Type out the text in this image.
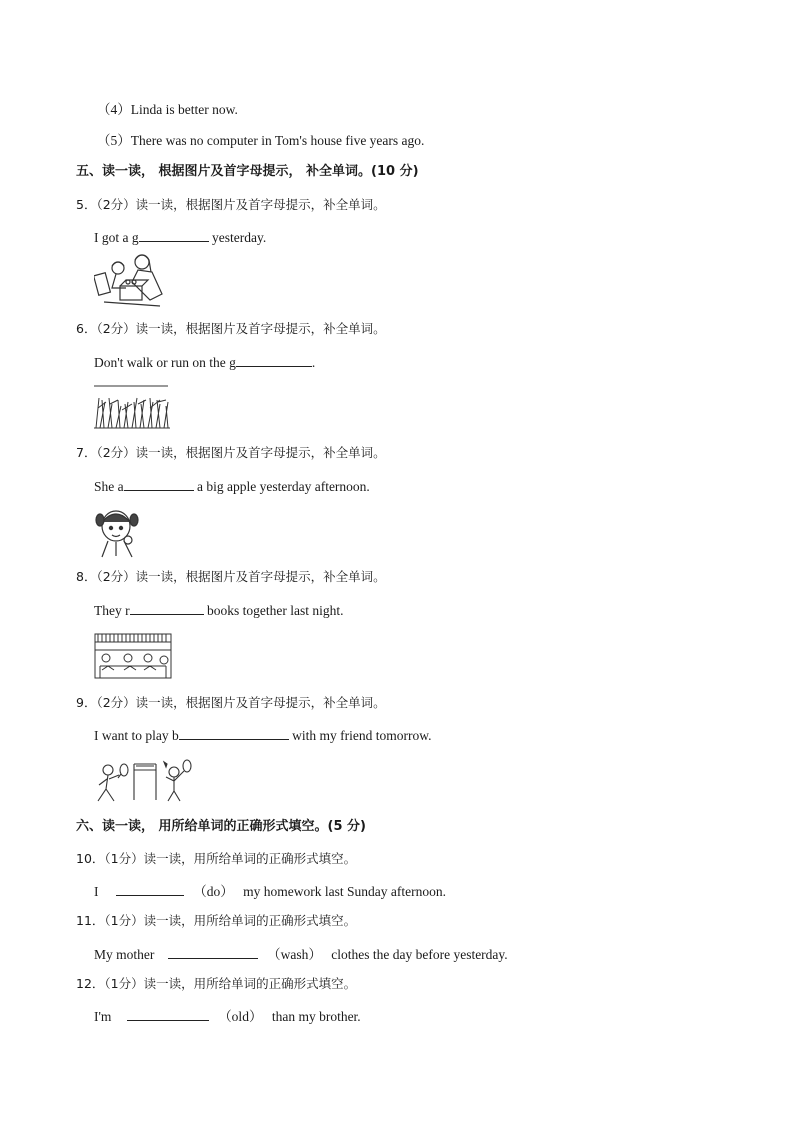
（4）Linda is better now.
（5）There was no computer in Tom's house five years ago.
五、读一读， 根据图片及首字母提示， 补全单词。(10 分)
5．（2分）读一读，根据图片及首字母提示，补全单词。
I got a g	yesterday.
6．（2分）读一读，根据图片及首字母提示，补全单词。
Don't walk or run on the g	.
7．（2分）读一读，根据图片及首字母提示，补全单词。
She a	a big apple yesterday afternoon.
8．（2分）读一读，根据图片及首字母提示，补全单词。
They r	books together last night.
9．（2分）读一读，根据图片及首字母提示，补全单词。
I want to play b	with my friend tomorrow.
六、读一读， 用所给单词的正确形式填空。(5 分)
10．（1分）读一读，用所给单词的正确形式填空。
I	（do） my homework last Sunday afternoon.
11．（1分）读一读，用所给单词的正确形式填空。
My mother	（wash） clothes the day before yesterday.
12．（1分）读一读，用所给单词的正确形式填空。
I'm	（old） than my brother.
